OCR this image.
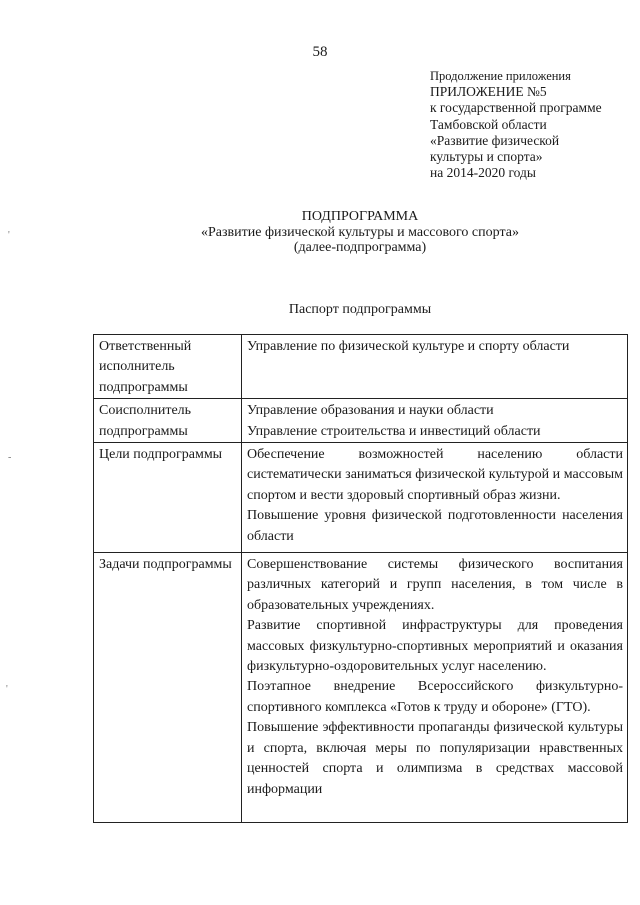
'
-
'
58
Продолжение приложения
ПРИЛОЖЕНИЕ №5
к государственной программе
Тамбовской области
«Развитие физической
культуры и спорта»
на 2014-2020 годы
ПОДПРОГРАММА
«Развитие физической культуры и массового спорта»
(далее-подпрограмма)
Паспорт подпрограммы
Ответственный исполнитель подпрограммы	Управление по физической культуре и спорту области

Соисполнитель подпрограммы	Управление образования и науки области
Управление строительства и инвестиций области

Цели подпрограммы	Обеспечение возможностей населению области систематически заниматься физической культурой и массовым спортом и вести здоровый спортивный образ жизни.
Повышение уровня физической подготовленности населения области

Задачи подпрограммы	Совершенствование системы физического воспитания различных категорий и групп населения, в том числе в образовательных учреждениях.
Развитие спортивной инфраструктуры для проведения массовых физкультурно-спортивных мероприятий и оказания физкультурно-оздоровительных услуг населению.
Поэтапное внедрение Всероссийского физкультурно-спортивного комплекса «Готов к труду и обороне» (ГТО).
Повышение эффективности пропаганды физической культуры и спорта, включая меры по популяризации нравственных ценностей спорта и олимпизма в средствах массовой информации
